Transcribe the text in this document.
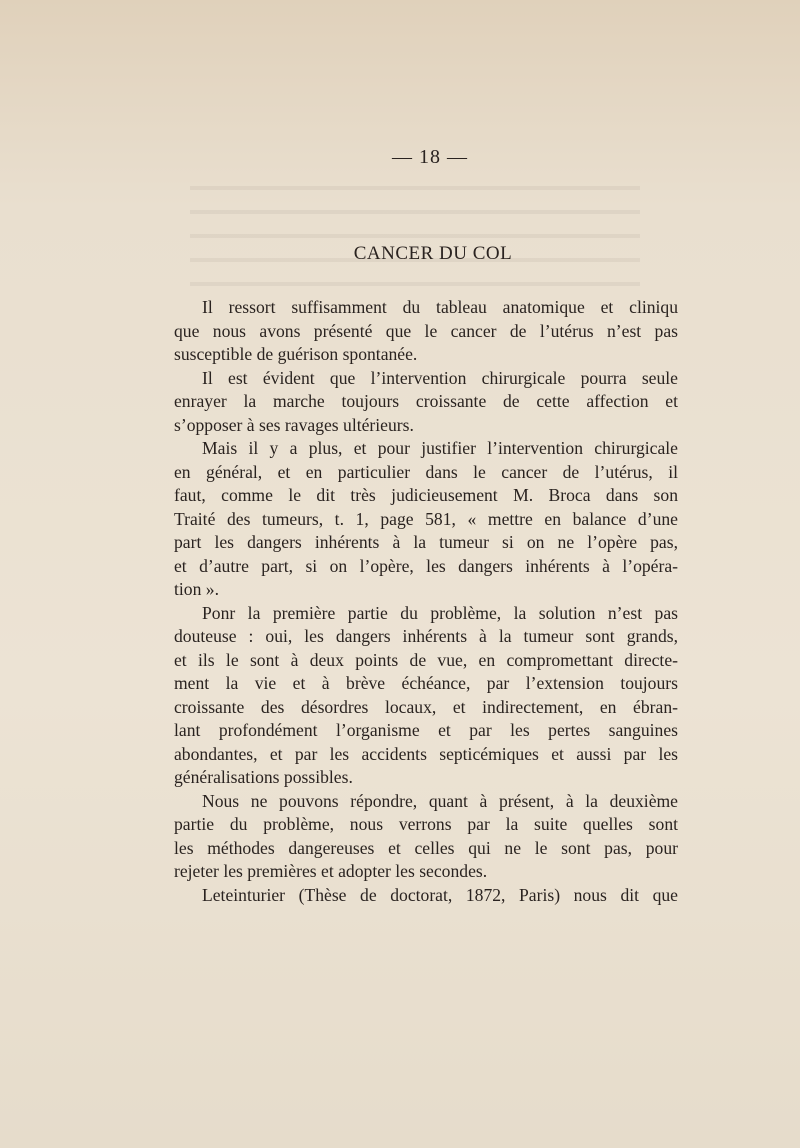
— 18 —
CANCER DU COL
Il ressort suffisamment du tableau anatomique et cliniqu
que nous avons présenté que le cancer de l’utérus n’est pas
susceptible de guérison spontanée.
Il est évident que l’intervention chirurgicale pourra seule
enrayer la marche toujours croissante de cette affection et
s’opposer à ses ravages ultérieurs.
Mais il y a plus, et pour justifier l’intervention chirurgicale
en général, et en particulier dans le cancer de l’utérus, il
faut, comme le dit très judicieusement M. Broca dans son
Traité des tumeurs, t. 1, page 581, « mettre en balance d’une
part les dangers inhérents à la tumeur si on ne l’opère pas,
et d’autre part, si on l’opère, les dangers inhérents à l’opéra-
tion ».
Ponr la première partie du problème, la solution n’est pas
douteuse : oui, les dangers inhérents à la tumeur sont grands,
et ils le sont à deux points de vue, en compromettant directe-
ment la vie et à brève échéance, par l’extension toujours
croissante des désordres locaux, et indirectement, en ébran-
lant profondément l’organisme et par les pertes sanguines
abondantes, et par les accidents septicémiques et aussi par les
généralisations possibles.
Nous ne pouvons répondre, quant à présent, à la deuxième
partie du problème, nous verrons par la suite quelles sont
les méthodes dangereuses et celles qui ne le sont pas, pour
rejeter les premières et adopter les secondes.
Leteinturier (Thèse de doctorat, 1872, Paris) nous dit que
